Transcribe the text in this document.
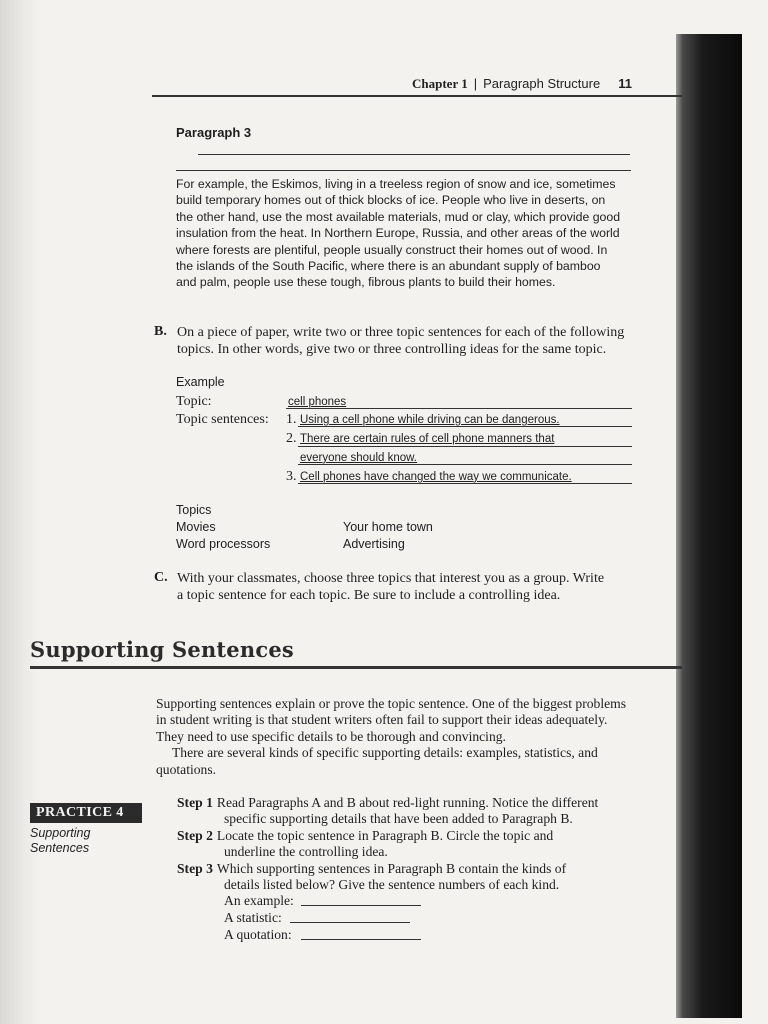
Chapter 1 | Paragraph Structure 11
Paragraph 3
For example, the Eskimos, living in a treeless region of snow and ice, sometimes
build temporary homes out of thick blocks of ice. People who live in deserts, on
the other hand, use the most available materials, mud or clay, which provide good
insulation from the heat. In Northern Europe, Russia, and other areas of the world
where forests are plentiful, people usually construct their homes out of wood. In
the islands of the South Pacific, where there is an abundant supply of bamboo
and palm, people use these tough, fibrous plants to build their homes.
B. On a piece of paper, write two or three topic sentences for each of the following
topics. In other words, give two or three controlling ideas for the same topic.
Example
Topic:	cell phones
Topic sentences: 1. Using a cell phone while driving can be dangerous.
2. There are certain rules of cell phone manners that
everyone should know.
3. Cell phones have changed the way we communicate.
Topics
Movies
Word processors
Your home town
Advertising
C. With your classmates, choose three topics that interest you as a group. Write
a topic sentence for each topic. Be sure to include a controlling idea.
Supporting Sentences
Supporting sentences explain or prove the topic sentence. One of the biggest problems
in student writing is that student writers often fail to support their ideas adequately.
They need to use specific details to be thorough and convincing.
There are several kinds of specific supporting details: examples, statistics, and
quotations.
PRACTICE 4
Supporting
Sentences
Step 1 Read Paragraphs A and B about red-light running. Notice the different
specific supporting details that have been added to Paragraph B.
Step 2 Locate the topic sentence in Paragraph B. Circle the topic and
underline the controlling idea.
Step 3 Which supporting sentences in Paragraph B contain the kinds of
details listed below? Give the sentence numbers of each kind.
An example:
A statistic:
A quotation:
